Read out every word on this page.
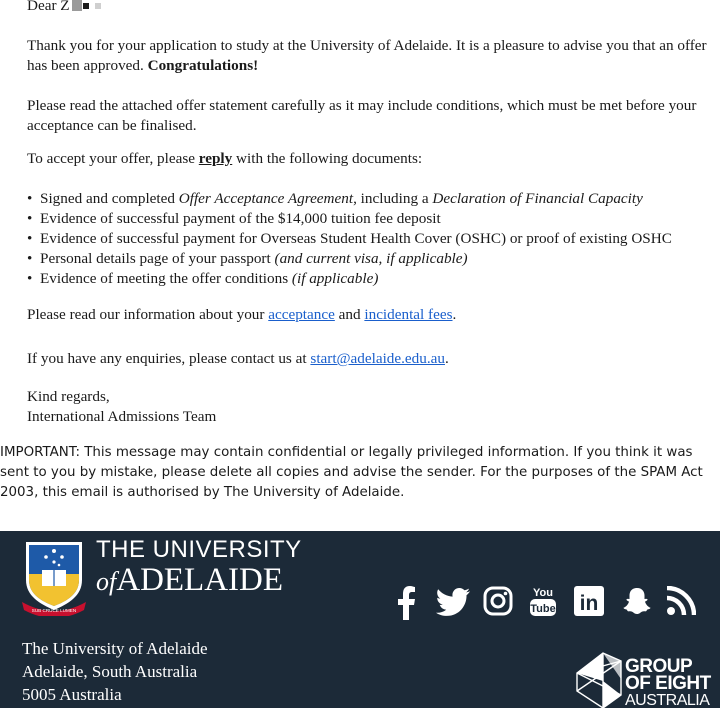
Dear Z

Thank you for your application to study at the University of Adelaide. It is a pleasure to advise you that an offer has been approved. Congratulations!

Please read the attached offer statement carefully as it may include conditions, which must be met before your acceptance can be finalised.

To accept your offer, please reply with the following documents:

• Signed and completed Offer Acceptance Agreement, including a Declaration of Financial Capacity
• Evidence of successful payment of the $14,000 tuition fee deposit
• Evidence of successful payment for Overseas Student Health Cover (OSHC) or proof of existing OSHC
• Personal details page of your passport (and current visa, if applicable)
• Evidence of meeting the offer conditions (if applicable)

Please read our information about your acceptance and incidental fees.

If you have any enquiries, please contact us at start@adelaide.edu.au.

Kind regards,

International Admissions Team

IMPORTANT: This message may contain confidential or legally privileged information. If you think it was sent to you by mistake, please delete all copies and advise the sender. For the purposes of the SPAM Act 2003, this email is authorised by The University of Adelaide.

SUB CRUCE LUMEN
THE UNIVERSITY
ofADELAIDE	You
Tube in
The University of Adelaide
Adelaide, South Australia
5005 Australia
GROUP
OF EIGHT
AUSTRALIA
